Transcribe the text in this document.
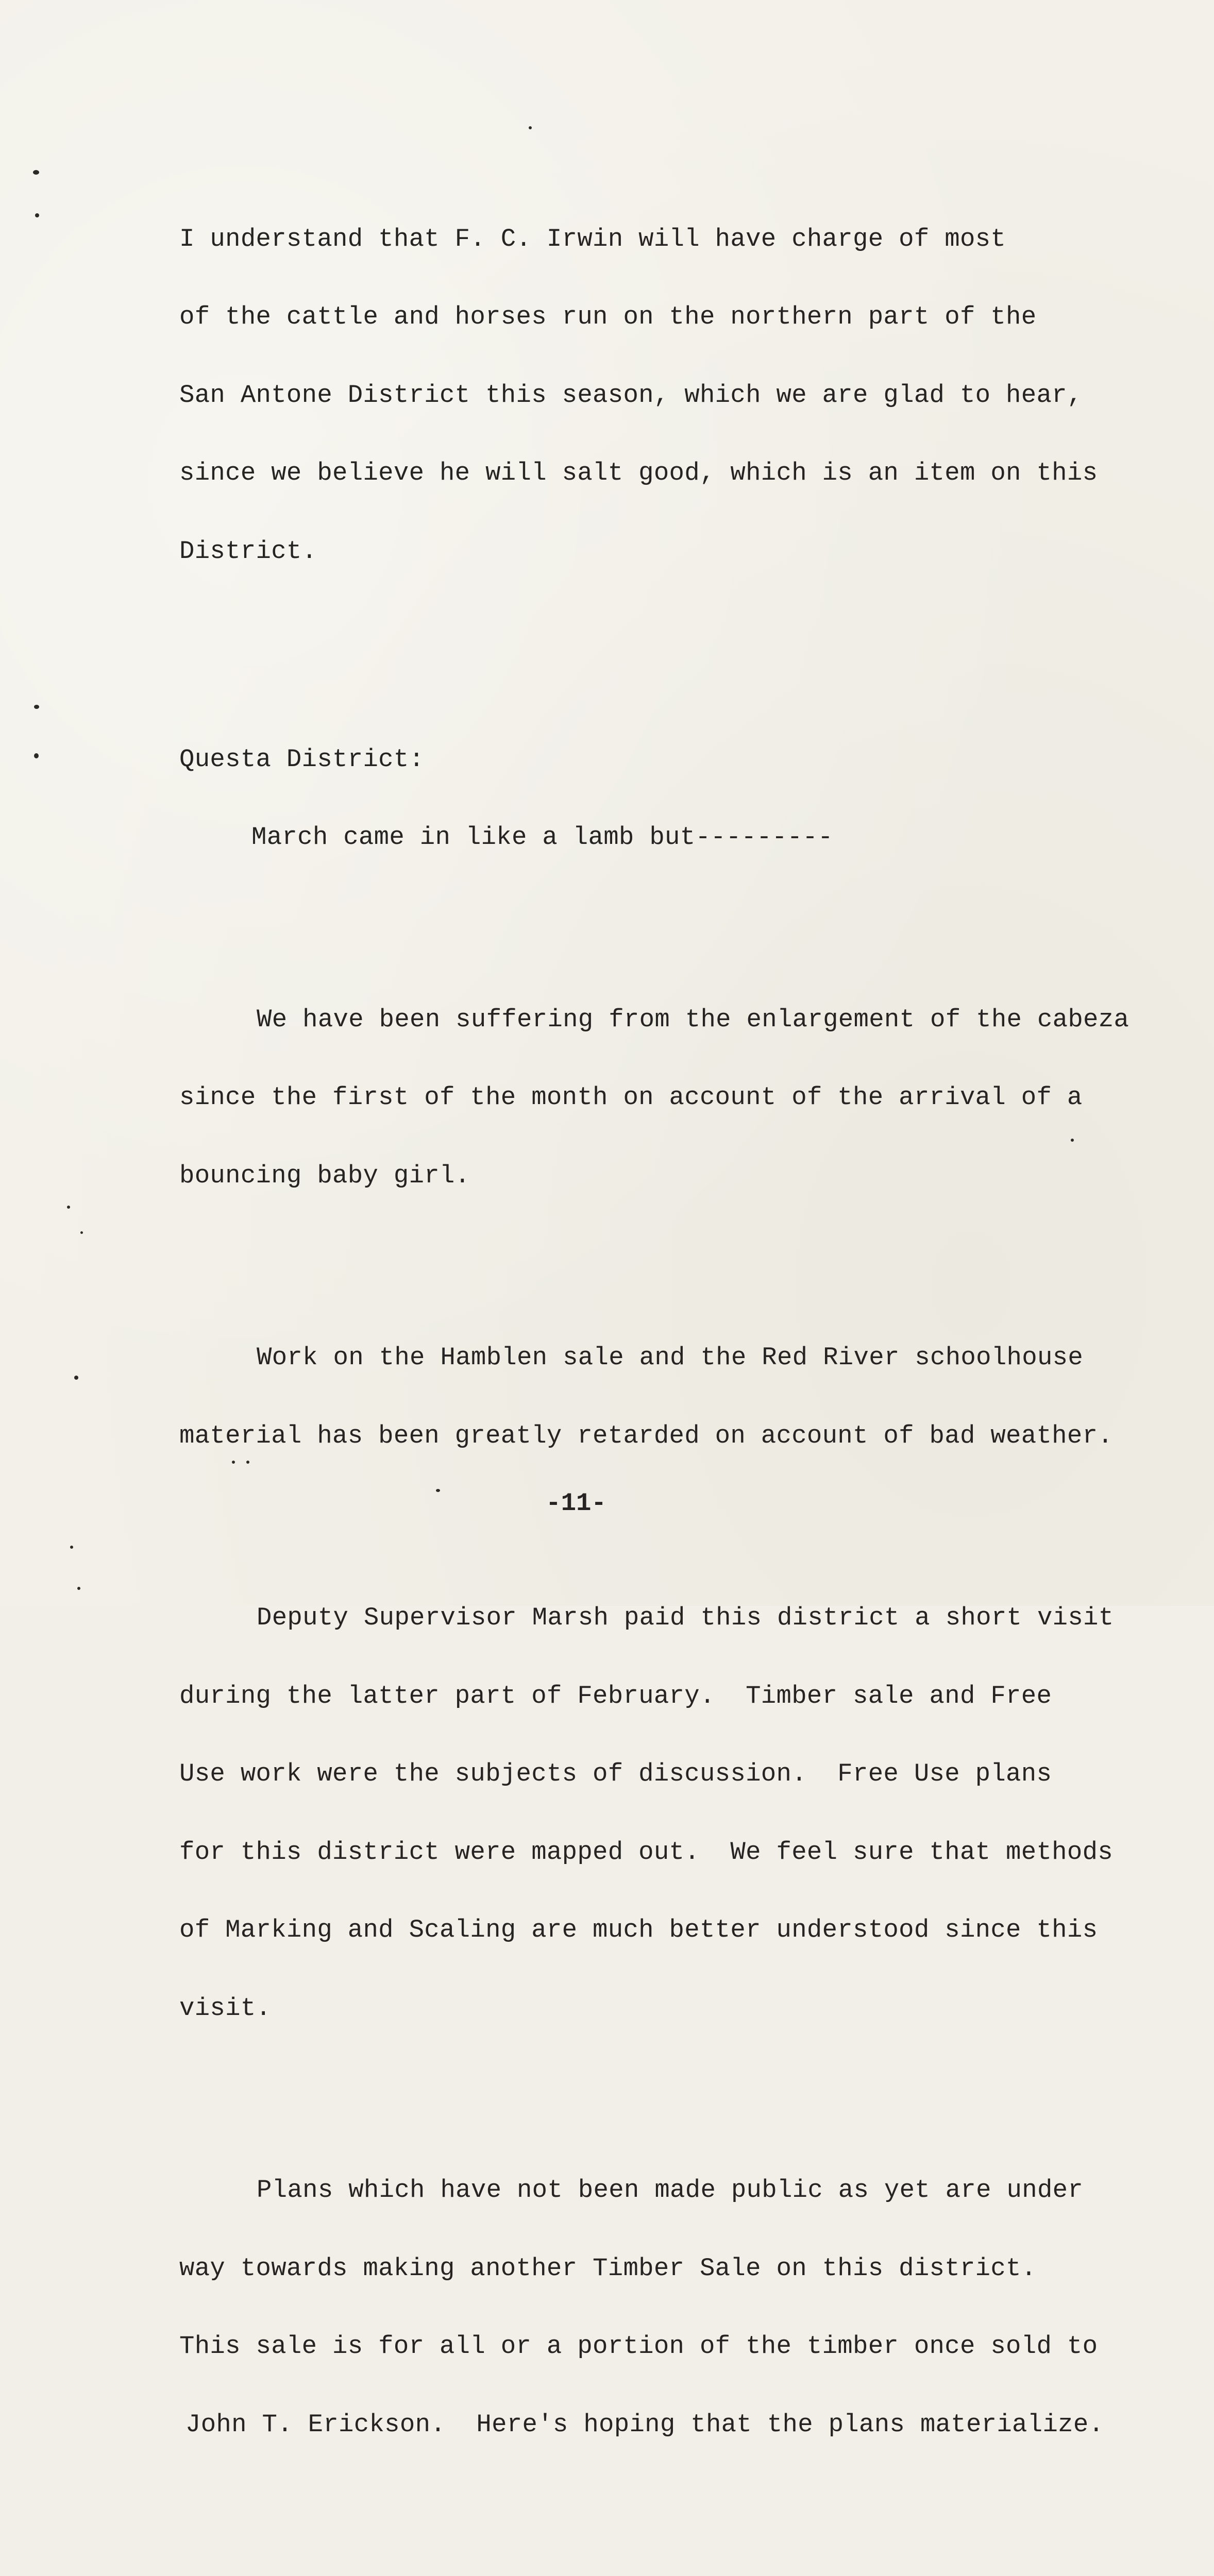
I understand that F. C. Irwin will have charge of most

of the cattle and horses run on the northern part of the

San Antone District this season, which we are glad to hear,

since we believe he will salt good, which is an item on this

District.

Questa District:

March came in like a lamb but---------

We have been suffering from the enlargement of the cabeza

since the first of the month on account of the arrival of a

bouncing baby girl.

Work on the Hamblen sale and the Red River schoolhouse

material has been greatly retarded on account of bad weather.

Deputy Supervisor Marsh paid this district a short visit

during the latter part of February.  Timber sale and Free

Use work were the subjects of discussion.  Free Use plans

for this district were mapped out.  We feel sure that methods

of Marking and Scaling are much better understood since this

visit.

Plans which have not been made public as yet are under

way towards making another Timber Sale on this district.

This sale is for all or a portion of the timber once sold to

John T. Erickson.  Here's hoping that the plans materialize.

-11-
